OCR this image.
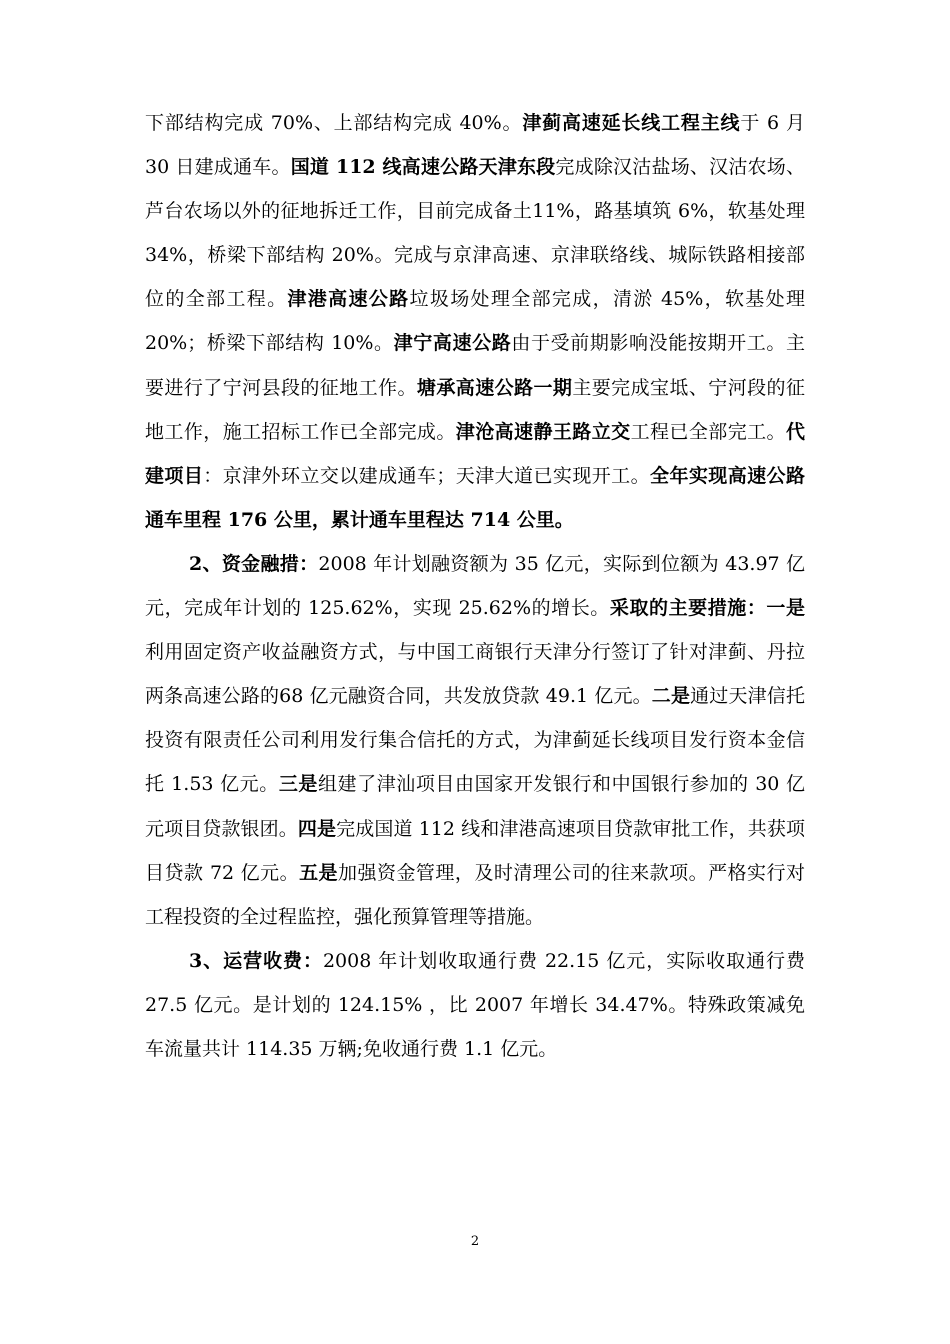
下部结构完成 70%、上部结构完成 40%。津蓟高速延长线工程主线于 6 月 30 日建成通车。国道 112 线高速公路天津东段完成除汉沽盐场、汉沽农场、芦台农场以外的征地拆迁工作，目前完成备土11%，路基填筑 6%，软基处理 34%，桥梁下部结构 20%。完成与京津高速、京津联络线、城际铁路相接部位的全部工程。津港高速公路垃圾场处理全部完成，清淤 45%，软基处理 20%；桥梁下部结构 10%。津宁高速公路由于受前期影响没能按期开工。主要进行了宁河县段的征地工作。塘承高速公路一期主要完成宝坻、宁河段的征地工作，施工招标工作已全部完成。津沧高速静王路立交工程已全部完工。代建项目：京津外环立交以建成通车；天津大道已实现开工。全年实现高速公路通车里程 176 公里，累计通车里程达 714 公里。

2、资金融措：2008 年计划融资额为 35 亿元，实际到位额为 43.97 亿元，完成年计划的 125.62%，实现 25.62%的增长。采取的主要措施：一是利用固定资产收益融资方式，与中国工商银行天津分行签订了针对津蓟、丹拉两条高速公路的68 亿元融资合同，共发放贷款 49.1 亿元。二是通过天津信托投资有限责任公司利用发行集合信托的方式，为津蓟延长线项目发行资本金信托 1.53 亿元。三是组建了津汕项目由国家开发银行和中国银行参加的 30 亿元项目贷款银团。四是完成国道 112 线和津港高速项目贷款审批工作，共获项目贷款 72 亿元。五是加强资金管理，及时清理公司的往来款项。严格实行对工程投资的全过程监控，强化预算管理等措施。

3、运营收费：2008 年计划收取通行费 22.15 亿元，实际收取通行费 27.5 亿元。是计划的 124.15% ，比 2007 年增长 34.47%。特殊政策减免车流量共计 114.35 万辆;免收通行费 1.1 亿元。

2
